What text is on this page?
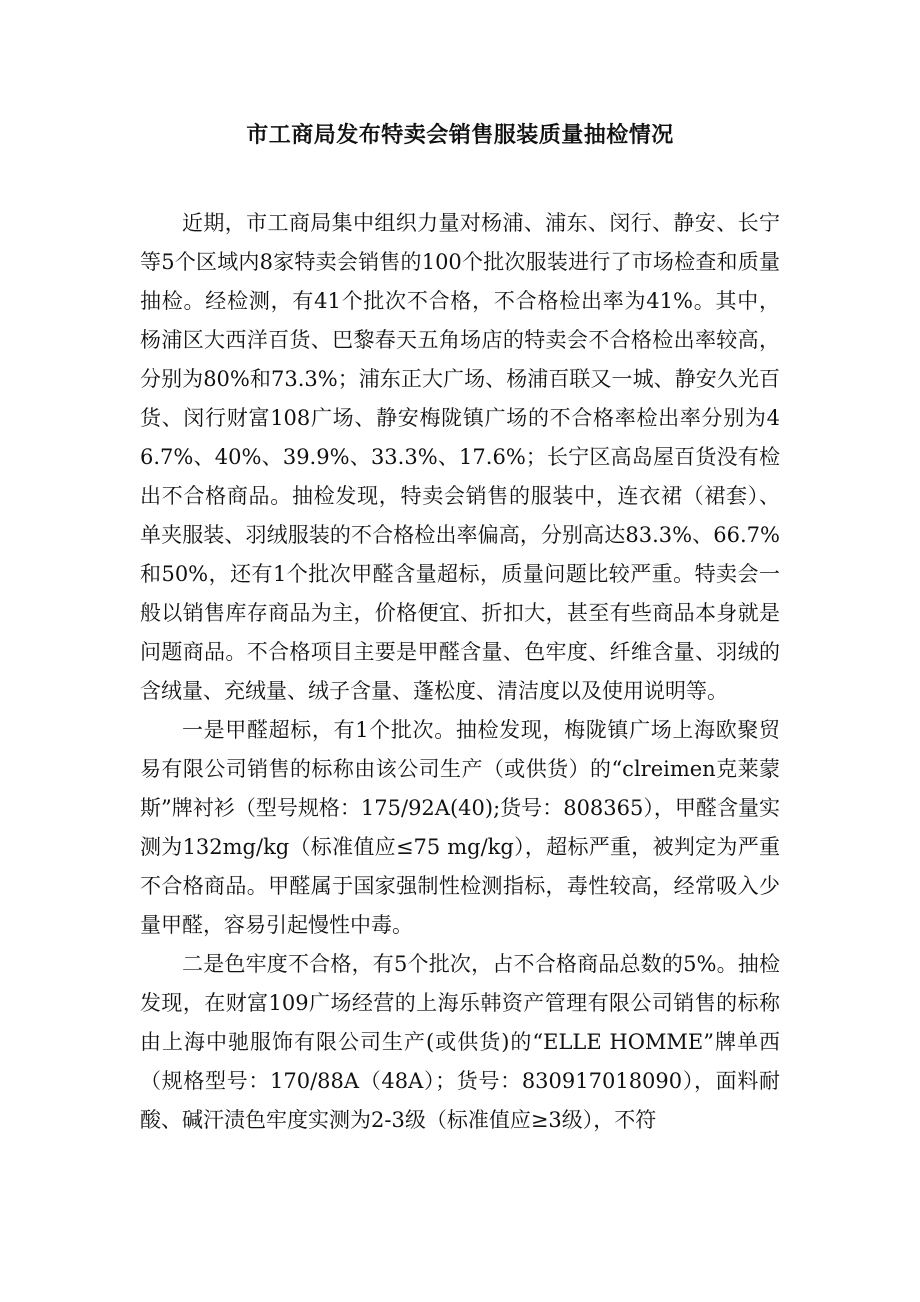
市工商局发布特卖会销售服装质量抽检情况

近期，市工商局集中组织力量对杨浦、浦东、闵行、静安、长宁等5个区域内8家特卖会销售的100个批次服装进行了市场检查和质量抽检。经检测，有41个批次不合格，不合格检出率为41%。其中，杨浦区大西洋百货、巴黎春天五角场店的特卖会不合格检出率较高，分别为80%和73.3%；浦东正大广场、杨浦百联又一城、静安久光百货、闵行财富108广场、静安梅陇镇广场的不合格率检出率分别为46.7%、40%、39.9%、33.3%、17.6%；长宁区高岛屋百货没有检出不合格商品。抽检发现，特卖会销售的服装中，连衣裙（裙套）、单夹服装、羽绒服装的不合格检出率偏高，分别高达83.3%、66.7%和50%，还有1个批次甲醛含量超标，质量问题比较严重。特卖会一般以销售库存商品为主，价格便宜、折扣大，甚至有些商品本身就是问题商品。不合格项目主要是甲醛含量、色牢度、纤维含量、羽绒的含绒量、充绒量、绒子含量、蓬松度、清洁度以及使用说明等。

一是甲醛超标，有1个批次。抽检发现，梅陇镇广场上海欧聚贸易有限公司销售的标称由该公司生产（或供货）的“clreimen克莱蒙斯”牌衬衫（型号规格：175/92A(40);货号：808365），甲醛含量实测为132mg/kg（标准值应≤75 mg/kg），超标严重，被判定为严重不合格商品。甲醛属于国家强制性检测指标，毒性较高，经常吸入少量甲醛，容易引起慢性中毒。

二是色牢度不合格，有5个批次，占不合格商品总数的5%。抽检发现，在财富109广场经营的上海乐韩资产管理有限公司销售的标称由上海中驰服饰有限公司生产(或供货)的“ELLE HOMME”牌单西（规格型号：170/88A（48A）；货号：830917018090），面料耐酸、碱汗渍色牢度实测为2-3级（标准值应≥3级），不符
